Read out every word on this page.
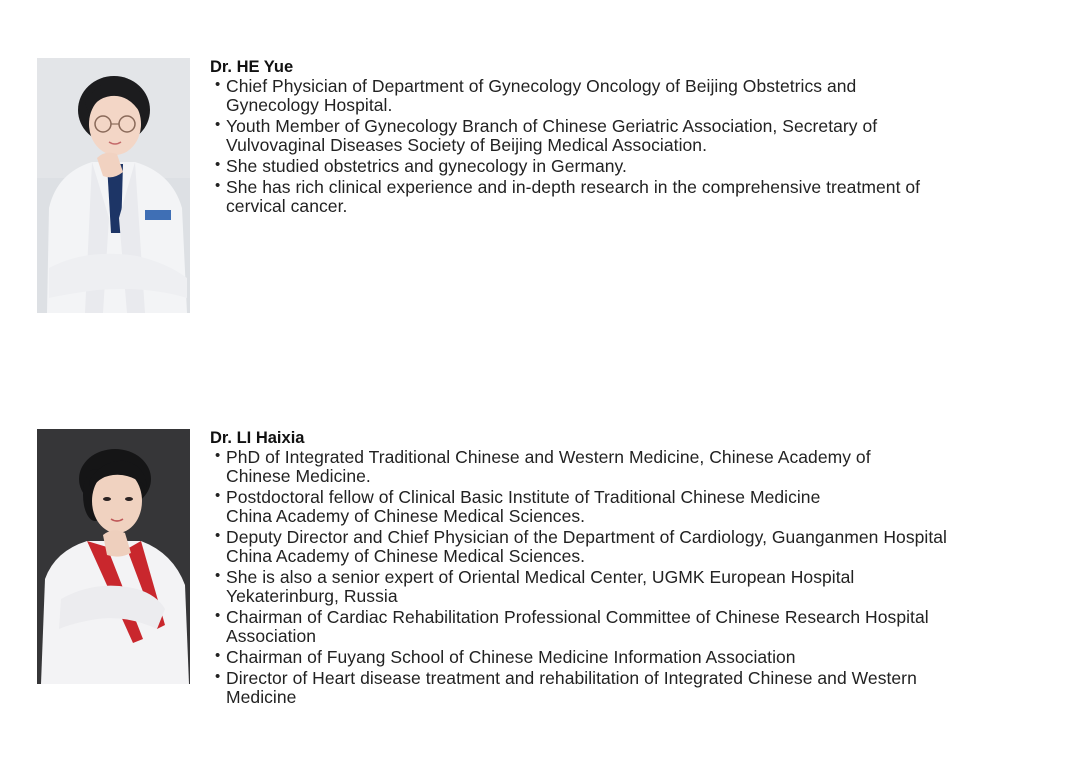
Dr. HE Yue
• Chief Physician of Department of Gynecology Oncology of Beijing Obstetrics and
Gynecology Hospital.
• Youth Member of Gynecology Branch of Chinese Geriatric Association, Secretary of
Vulvovaginal Diseases Society of Beijing Medical Association.
• She studied obstetrics and gynecology in Germany.
• She has rich clinical experience and in-depth research in the comprehensive treatment of
cervical cancer.
Dr. LI Haixia
• PhD of Integrated Traditional Chinese and Western Medicine, Chinese Academy of
Chinese Medicine.
• Postdoctoral fellow of Clinical Basic Institute of Traditional Chinese Medicine
China Academy of Chinese Medical Sciences.
• Deputy Director and Chief Physician of the Department of Cardiology, Guanganmen Hospital
China Academy of Chinese Medical Sciences.
• She is also a senior expert of Oriental Medical Center, UGMK European Hospital
Yekaterinburg, Russia
• Chairman of Cardiac Rehabilitation Professional Committee of Chinese Research Hospital
Association
• Chairman of Fuyang School of Chinese Medicine Information Association
• Director of Heart disease treatment and rehabilitation of Integrated Chinese and Western
Medicine
